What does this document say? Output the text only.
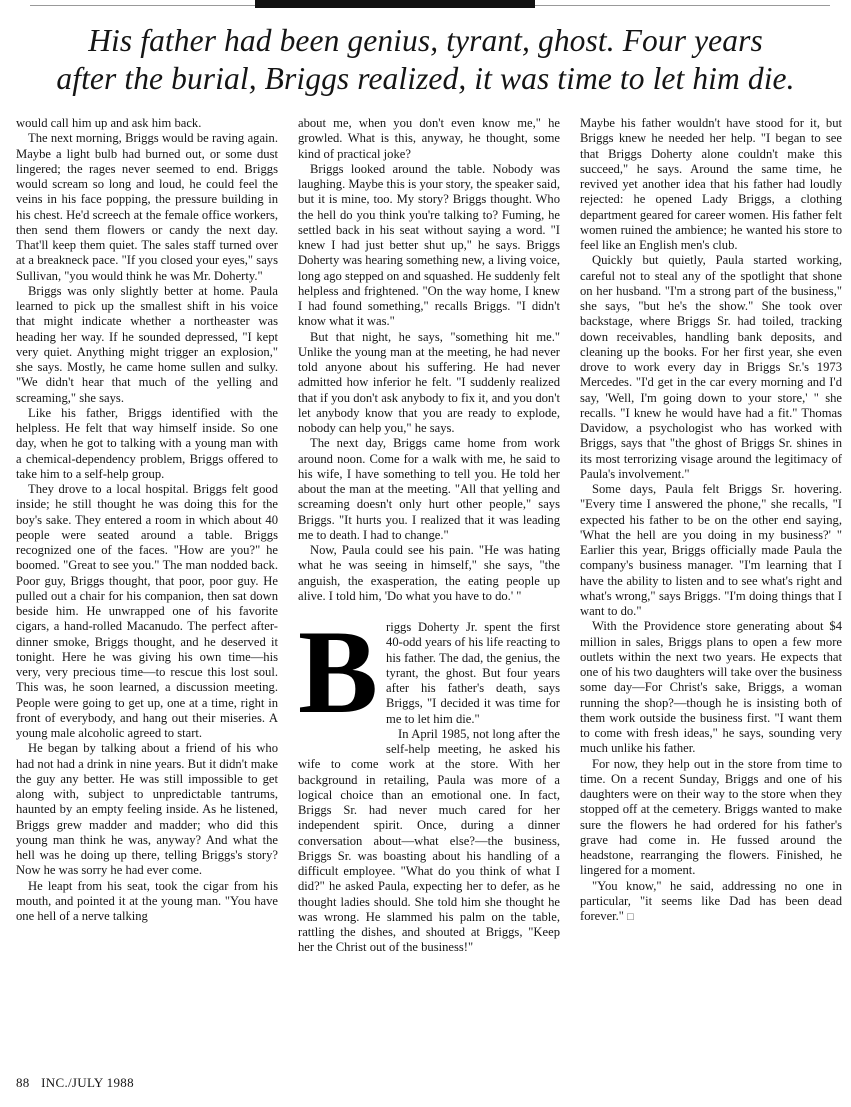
His father had been genius, tyrant, ghost. Four years
after the burial, Briggs realized, it was time to let him die.

would call him up and ask him back.

The next morning, Briggs would be raving again. Maybe a light bulb had burned out, or some dust lingered; the rages never seemed to end. Briggs would scream so long and loud, he could feel the veins in his face popping, the pressure building in his chest. He'd screech at the female office workers, then send them flowers or candy the next day. That'll keep them quiet. The sales staff turned over at a breakneck pace. "If you closed your eyes," says Sullivan, "you would think he was Mr. Doherty."

Briggs was only slightly better at home. Paula learned to pick up the smallest shift in his voice that might indicate whether a northeaster was heading her way. If he sounded depressed, "I kept very quiet. Anything might trigger an explosion," she says. Mostly, he came home sullen and sulky. "We didn't hear that much of the yelling and screaming," she says.

Like his father, Briggs identified with the helpless. He felt that way himself inside. So one day, when he got to talking with a young man with a chemical-dependency problem, Briggs offered to take him to a self-help group.

They drove to a local hospital. Briggs felt good inside; he still thought he was doing this for the boy's sake. They entered a room in which about 40 people were seated around a table. Briggs recognized one of the faces. "How are you?" he boomed. "Great to see you." The man nodded back. Poor guy, Briggs thought, that poor, poor guy. He pulled out a chair for his companion, then sat down beside him. He unwrapped one of his favorite cigars, a hand-rolled Macanudo. The perfect after-dinner smoke, Briggs thought, and he deserved it tonight. Here he was giving his own time—his very, very precious time—to rescue this lost soul. This was, he soon learned, a discussion meeting. People were going to get up, one at a time, right in front of everybody, and hang out their miseries. A young male alcoholic agreed to start.

He began by talking about a friend of his who had not had a drink in nine years. But it didn't make the guy any better. He was still impossible to get along with, subject to unpredictable tantrums, haunted by an empty feeling inside. As he listened, Briggs grew madder and madder; who did this young man think he was, anyway? And what the hell was he doing up there, telling Briggs's story? Now he was sorry he had ever come.

He leapt from his seat, took the cigar from his mouth, and pointed it at the young man. "You have one hell of a nerve talking

about me, when you don't even know me," he growled. What is this, anyway, he thought, some kind of practical joke?

Briggs looked around the table. Nobody was laughing. Maybe this is your story, the speaker said, but it is mine, too. My story? Briggs thought. Who the hell do you think you're talking to? Fuming, he settled back in his seat without saying a word. "I knew I had just better shut up," he says. Briggs Doherty was hearing something new, a living voice, long ago stepped on and squashed. He suddenly felt helpless and frightened. "On the way home, I knew I had found something," recalls Briggs. "I didn't know what it was."

But that night, he says, "something hit me." Unlike the young man at the meeting, he had never told anyone about his suffering. He had never admitted how inferior he felt. "I suddenly realized that if you don't ask anybody to fix it, and you don't let anybody know that you are ready to explode, nobody can help you," he says.

The next day, Briggs came home from work around noon. Come for a walk with me, he said to his wife, I have something to tell you. He told her about the man at the meeting. "All that yelling and screaming doesn't only hurt other people," says Briggs. "It hurts you. I realized that it was leading me to death. I had to change."

Now, Paula could see his pain. "He was hating what he was seeing in himself," she says, "the anguish, the exasperation, the eating people up alive. I told him, 'Do what you have to do.' "

Briggs Doherty Jr. spent the first 40-odd years of his life reacting to his father. The dad, the genius, the tyrant, the ghost. But four years after his father's death, says Briggs, "I decided it was time for me to let him die."

In April 1985, not long after the self-help meeting, he asked his wife to come work at the store. With her background in retailing, Paula was more of a logical choice than an emotional one. In fact, Briggs Sr. had never much cared for her independent spirit. Once, during a dinner conversation about—what else?—the business, Briggs Sr. was boasting about his handling of a difficult employee. "What do you think of what I did?" he asked Paula, expecting her to defer, as he thought ladies should. She told him she thought he was wrong. He slammed his palm on the table, rattling the dishes, and shouted at Briggs, "Keep her the Christ out of the business!"

Maybe his father wouldn't have stood for it, but Briggs knew he needed her help. "I began to see that Briggs Doherty alone couldn't make this succeed," he says. Around the same time, he revived yet another idea that his father had loudly rejected: he opened Lady Briggs, a clothing department geared for career women. His father felt women ruined the ambience; he wanted his store to feel like an English men's club.

Quickly but quietly, Paula started working, careful not to steal any of the spotlight that shone on her husband. "I'm a strong part of the business," she says, "but he's the show." She took over backstage, where Briggs Sr. had toiled, tracking down receivables, handling bank deposits, and cleaning up the books. For her first year, she even drove to work every day in Briggs Sr.'s 1973 Mercedes. "I'd get in the car every morning and I'd say, 'Well, I'm going down to your store,' " she recalls. "I knew he would have had a fit." Thomas Davidow, a psychologist who has worked with Briggs, says that "the ghost of Briggs Sr. shines in its most terrorizing visage around the legitimacy of Paula's involvement."

Some days, Paula felt Briggs Sr. hovering. "Every time I answered the phone," she recalls, "I expected his father to be on the other end saying, 'What the hell are you doing in my business?' " Earlier this year, Briggs officially made Paula the company's business manager. "I'm learning that I have the ability to listen and to see what's right and what's wrong," says Briggs. "I'm doing things that I want to do."

With the Providence store generating about $4 million in sales, Briggs plans to open a few more outlets within the next two years. He expects that one of his two daughters will take over the business some day—For Christ's sake, Briggs, a woman running the shop?—though he is insisting both of them work outside the business first. "I want them to come with fresh ideas," he says, sounding very much unlike his father.

For now, they help out in the store from time to time. On a recent Sunday, Briggs and one of his daughters were on their way to the store when they stopped off at the cemetery. Briggs wanted to make sure the flowers he had ordered for his father's grave had come in. He fussed around the headstone, rearranging the flowers. Finished, he lingered for a moment.

"You know," he said, addressing no one in particular, "it seems like Dad has been dead forever." □

88 INC./JULY 1988
